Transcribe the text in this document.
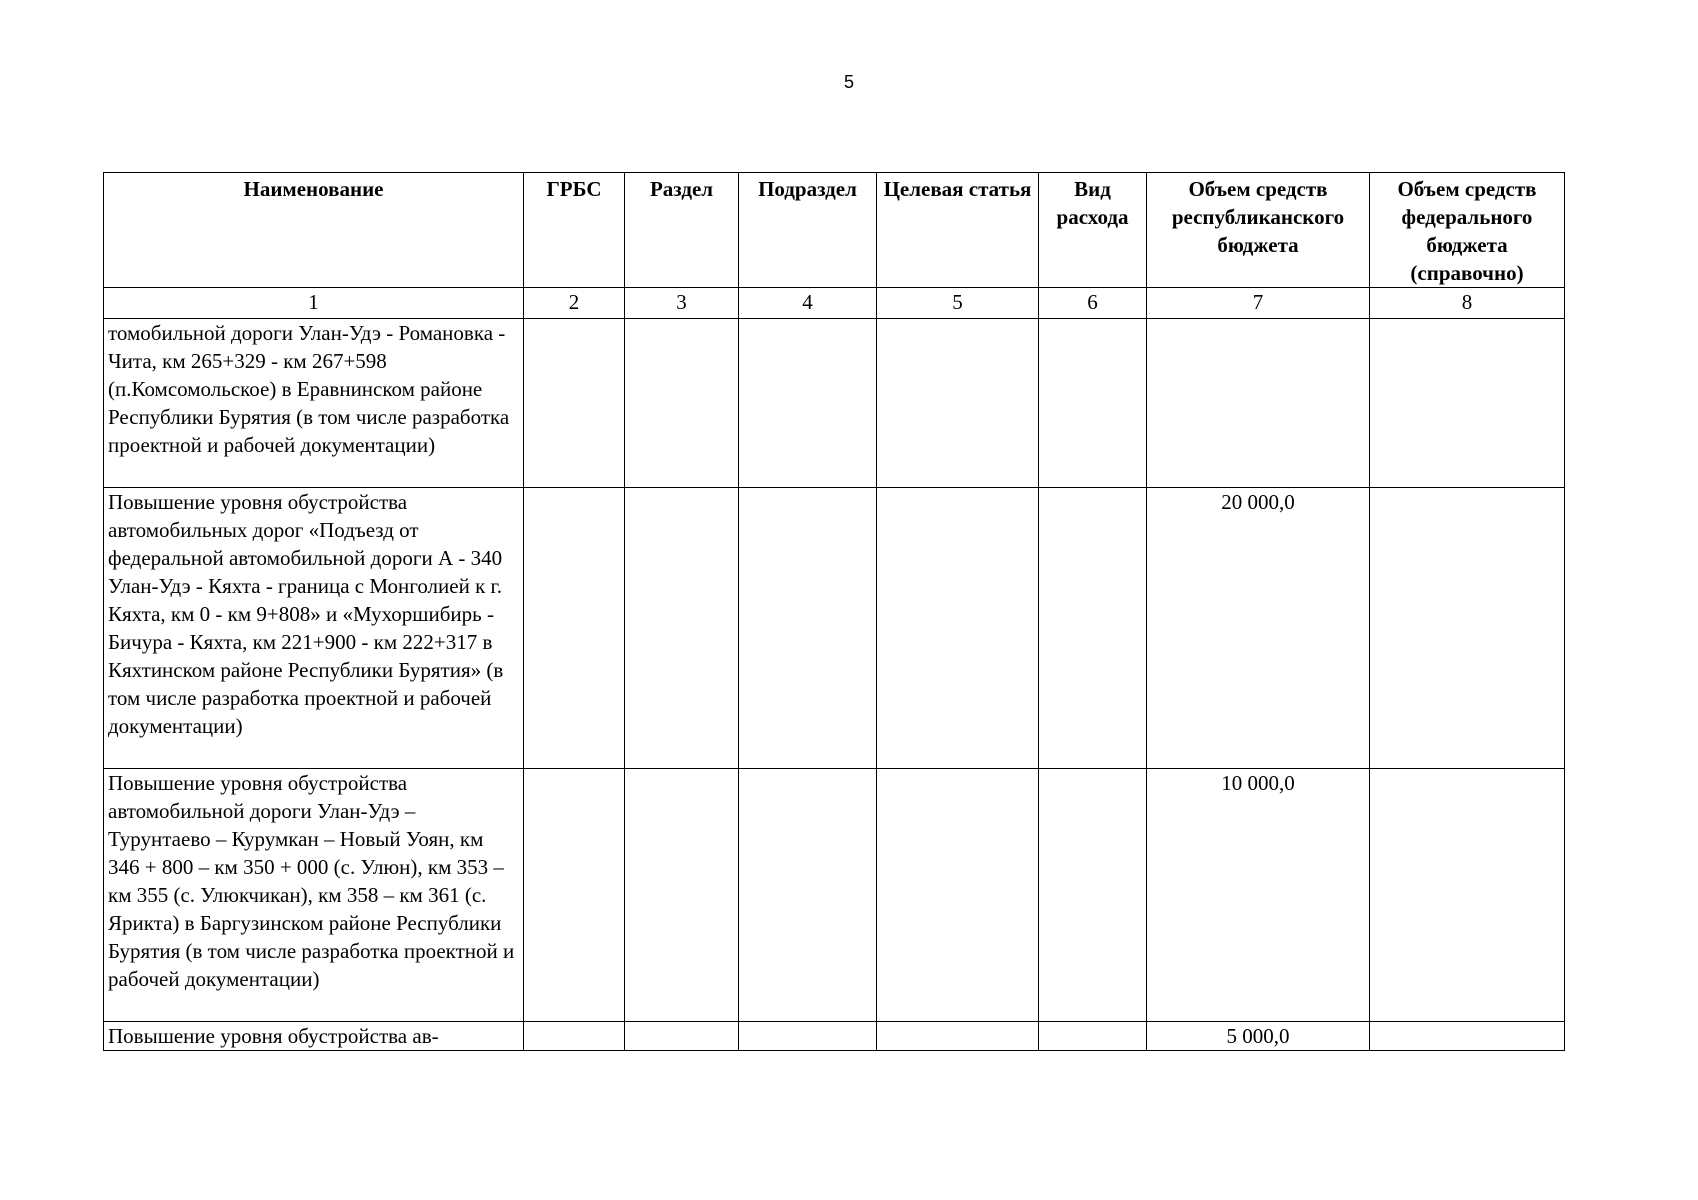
5
Наименование	ГРБС	Раздел	Подраздел	Целевая статья	Вид расхода	Объем средств республиканского бюджета	Объем средств федерального бюджета (справочно)
1	2	3	4	5	6	7	8
томобильной дороги Улан-Удэ - Романовка - Чита, км 265+329 - км 267+598 (п.Комсомольское) в Еравнинском районе Республики Бурятия (в том числе разработка проектной и рабочей документации)							
Повышение уровня обустройства автомобильных дорог «Подъезд от федеральной автомобильной дороги А - 340 Улан-Удэ - Кяхта - граница с Монголией к г. Кяхта, км 0 - км 9+808» и «Мухоршибирь - Бичура - Кяхта, км 221+900 - км 222+317 в Кяхтинском районе Республики Бурятия» (в том числе разработка проектной и рабочей документации)						20 000,0	
Повышение уровня обустройства автомобильной дороги Улан-Удэ – Турунтаево – Курумкан – Новый Уоян, км 346 + 800 – км 350 + 000 (с. Улюн), км 353 – км 355 (с. Улюкчикан), км 358 – км 361 (с. Ярикта) в Баргузинском районе Республики Бурятия (в том числе разработка проектной и рабочей документации)						10 000,0	
Повышение уровня обустройства ав-						5 000,0	
